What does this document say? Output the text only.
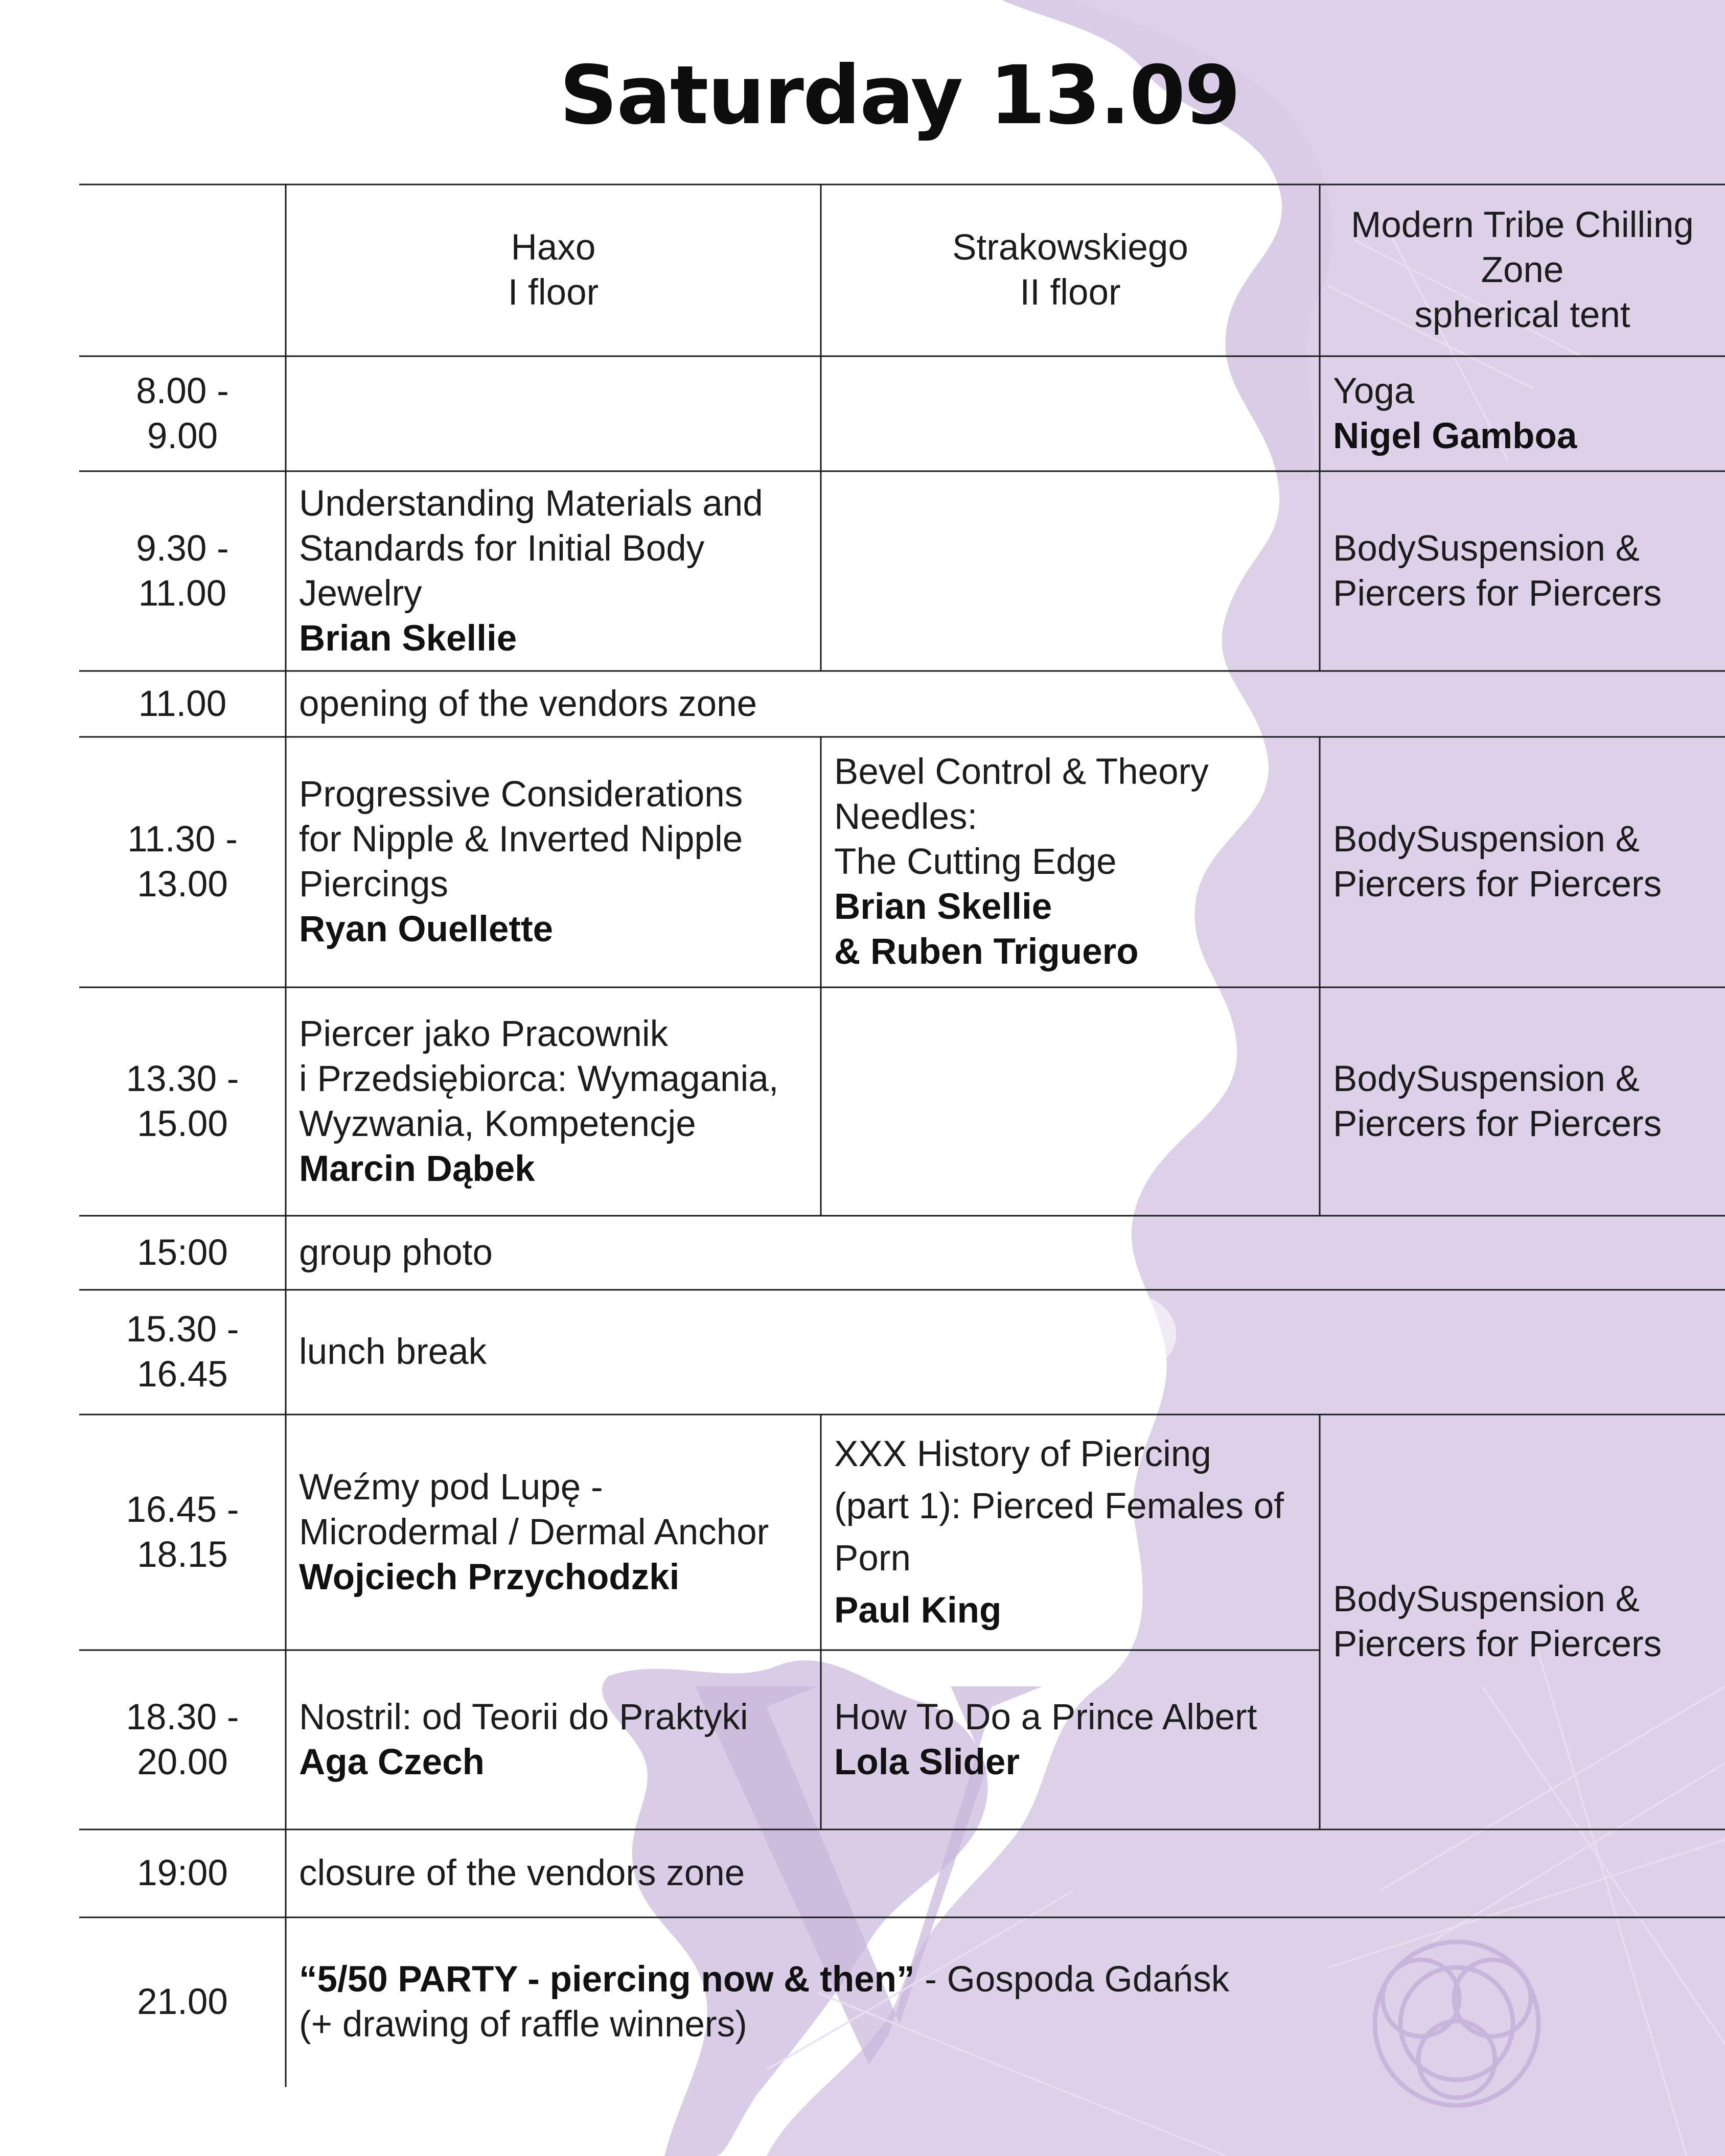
Saturday 13.09
Haxo
I floor
Strakowskiego
II floor
Modern Tribe Chilling
Zone
spherical tent
8.00 -
9.00
Yoga
Nigel Gamboa
9.30 -
11.00
Understanding Materials and
Standards for Initial Body
Jewelry
Brian Skellie
BodySuspension &
Piercers for Piercers
11.00 opening of the vendors zone
11.30 -
13.00
Progressive Considerations
for Nipple & Inverted Nipple
Piercings
Ryan Ouellette
Bevel Control & Theory
Needles:
The Cutting Edge
Brian Skellie
& Ruben Triguero
BodySuspension &
Piercers for Piercers
13.30 -
15.00
Piercer jako Pracownik
i Przedsiębiorca: Wymagania,
Wyzwania, Kompetencje
Marcin Dąbek
BodySuspension &
Piercers for Piercers
15:00 group photo
15.30 -
16.45
lunch break
16.45 -
18.15
Weźmy pod Lupę -
Microdermal / Dermal Anchor
Wojciech Przychodzki
XXX History of Piercing
(part 1): Pierced Females of
Porn
Paul King	BodySuspension &
Piercers for Piercers
18.30 -
20.00
Nostril: od Teorii do Praktyki
Aga Czech
How To Do a Prince Albert
Lola Slider
19:00 closure of the vendors zone
21.00
“5/50 PARTY - piercing now & then” - Gospoda Gdańsk
(+ drawing of raffle winners)
